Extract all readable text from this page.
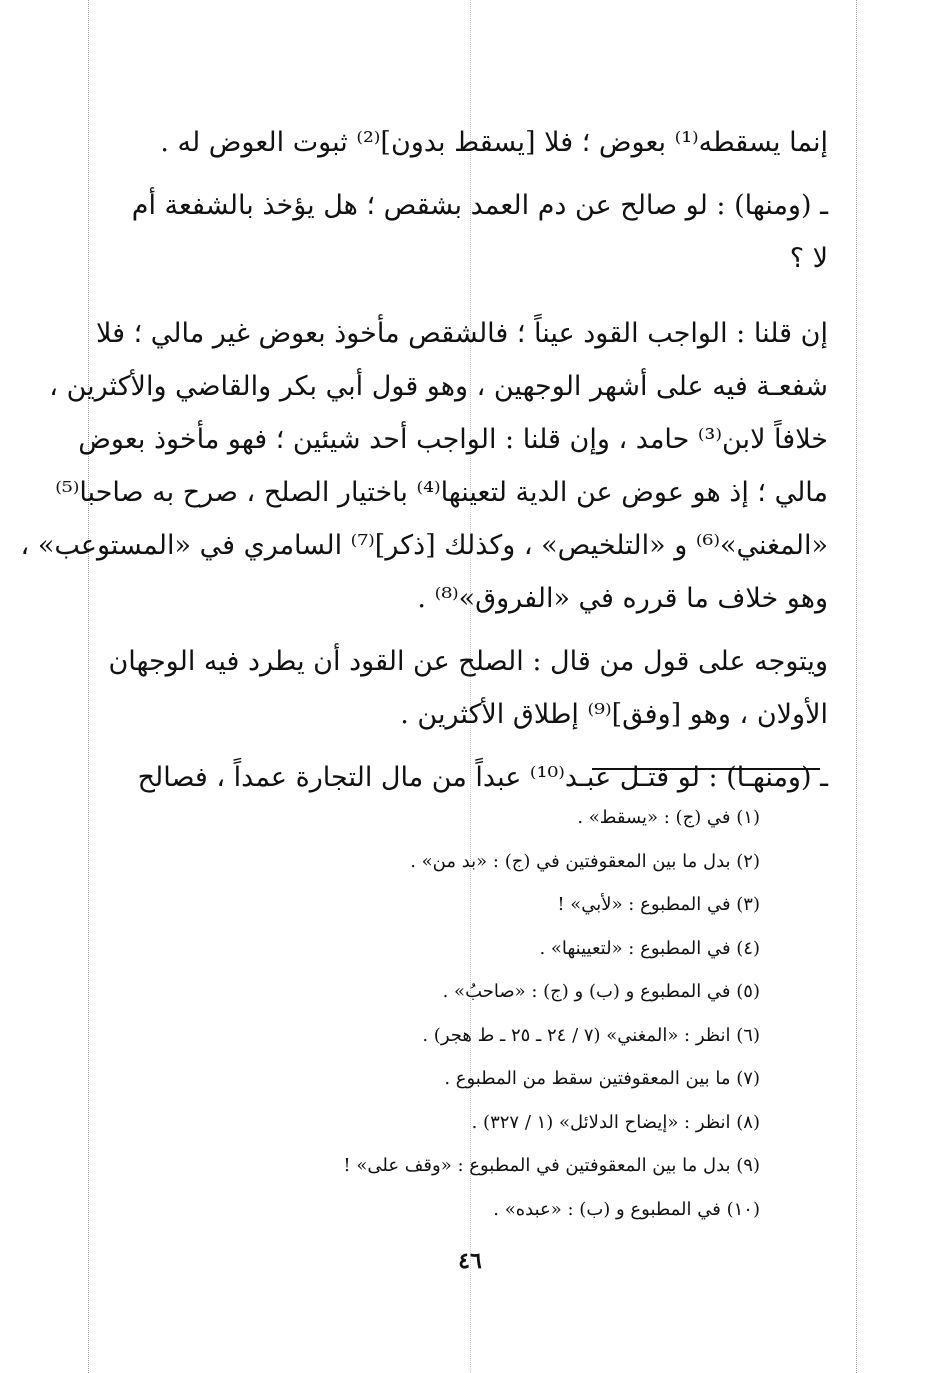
إنما يسقطه⁽¹⁾ بعوض ؛ فلا [يسقط بدون]⁽²⁾ ثبوت العوض له .
ـ (ومنها) : لو صالح عن دم العمد بشقص ؛ هل يؤخذ بالشفعة أم
لا ؟
إن قلنا : الواجب القود عيناً ؛ فالشقص مأخوذ بعوض غير مالي ؛ فلا
شفعـة فيه على أشهر الوجهين ، وهو قول أبي بكر والقاضي والأكثرين ،
خلافاً لابن⁽³⁾ حامد ، وإن قلنا : الواجب أحد شيئين ؛ فهو مأخوذ بعوض
مالي ؛ إذ هو عوض عن الدية لتعينها⁽⁴⁾ باختيار الصلح ، صرح به صاحبا⁽⁵⁾
«المغني»⁽⁶⁾ و «التلخيص» ، وكذلك [ذكر]⁽⁷⁾ السامري في «المستوعب» ،
وهو خلاف ما قرره في «الفروق»⁽⁸⁾ .
ويتوجه على قول من قال : الصلح عن القود أن يطرد فيه الوجهان
الأولان ، وهو [وفق]⁽⁹⁾ إطلاق الأكثرين .
ـ (ومنهـا) : لو قتـل عبـد⁽¹⁰⁾ عبداً من مال التجارة عمداً ، فصالح
(١) في (ج) : «يسقط» .
(٢) بدل ما بين المعقوفتين في (ج) : «بد من» .
(٣) في المطبوع : «لأبي» !
(٤) في المطبوع : «لتعيينها» .
(٥) في المطبوع و (ب) و (ج) : «صاحبُ» .
(٦) انظر : «المغني» (٧ / ٢٤ ـ ٢٥ ـ ط هجر) .
(٧) ما بين المعقوفتين سقط من المطبوع .
(٨) انظر : «إيضاح الدلائل» (١ / ٣٢٧) .
(٩) بدل ما بين المعقوفتين في المطبوع : «وقف على» !
(١٠) في المطبوع و (ب) : «عبده» .
٤٦
